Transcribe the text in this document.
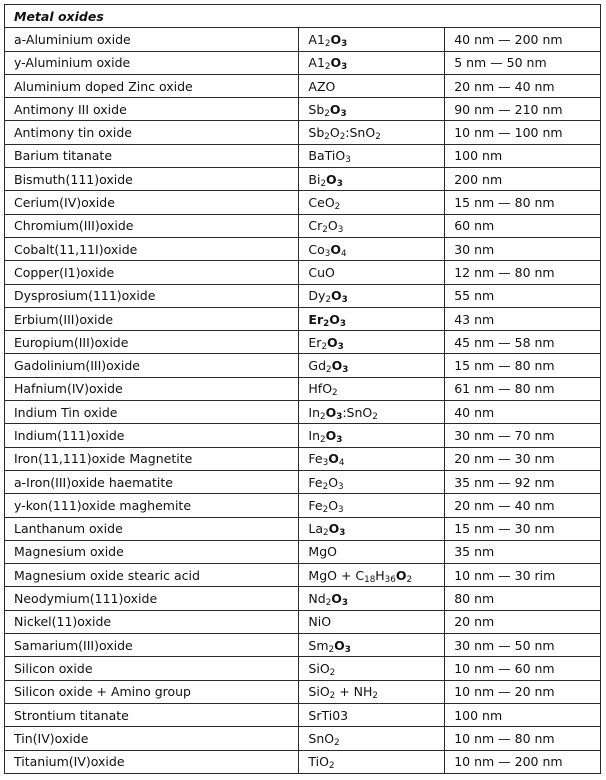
Metal oxides		
a-Aluminium oxide	$A1_2O_3$	40 nm — 200 nm
y-Aluminium oxide	$A1_2O_3$	5 nm — 50 nm
Aluminium doped Zinc oxide	AZO	20 nm — 40 nm
Antimony III oxide	$Sb_2O_3$	90 nm — 210 nm
Antimony tin oxide	$Sb_2O_2:SnO_2$	10 nm — 100 nm
Barium titanate	BaTiO$_3$	100 nm
Bismuth(111)oxide	$Bi_2O_3$	200 nm
Cerium(IV)oxide	CeO$_2$	15 nm — 80 nm
Chromium(III)oxide	$Cr_2O_3$	60 nm
Cobalt(11,11I)oxide	$Co_3O_4$	30 nm
Copper(I1)oxide	CuO	12 nm — 80 nm
Dysprosium(111)oxide	$Dy_2O_3$	55 nm
Erbium(III)oxide	$Er_2O_3$	43 nm
Europium(III)oxide	$Er_2O_3$	45 nm — 58 nm
Gadolinium(III)oxide	$Gd_2O_3$	15 nm — 80 nm
Hafnium(IV)oxide	HfO$_2$	61 nm — 80 nm
Indium Tin oxide	$In_2O_3:SnO_2$	40 nm
Indium(111)oxide	$In_2O_3$	30 nm — 70 nm
Iron(11,111)oxide Magnetite	$Fe_3O_4$	20 nm — 30 nm
a-Iron(III)oxide haematite	$Fe_2O_3$	35 nm — 92 nm
y-kon(111)oxide maghemite	$Fe_2O_3$	20 nm — 40 nm
Lanthanum oxide	$La_2O_3$	15 nm — 30 nm
Magnesium oxide	MgO	35 nm
Magnesium oxide stearic acid	MgO + $C_{18}H_{36}O_2$	10 nm — 30 rim
Neodymium(111)oxide	$Nd_2O_3$	80 nm
Nickel(11)oxide	NiO	20 nm
Samarium(III)oxide	$Sm_2O_3$	30 nm — 50 nm
Silicon oxide	SiO$_2$	10 nm — 60 nm
Silicon oxide + Amino group	$SiO_2 + NH_2$	10 nm — 20 nm
Strontium titanate	SrTi03	100 nm
Tin(IV)oxide	SnO$_2$	10 nm — 80 nm
Titanium(IV)oxide	TiO$_2$	10 nm — 200 nm
